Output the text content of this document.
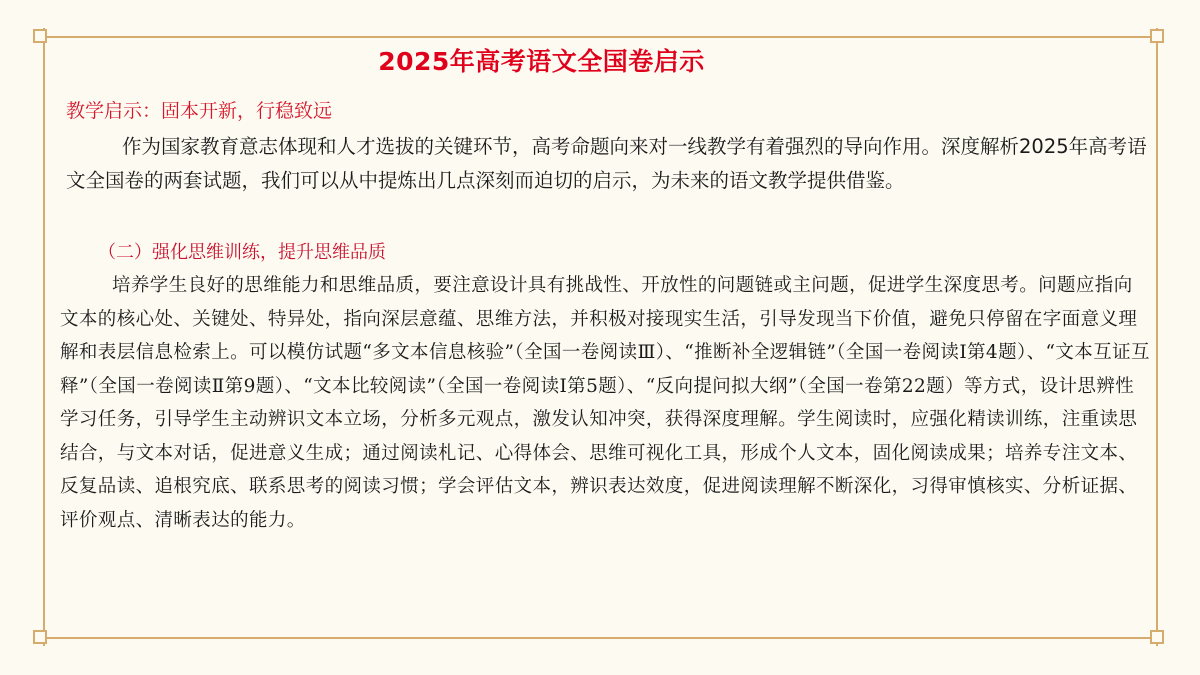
2025年高考语文全国卷启示
教学启示：固本开新，行稳致远

作为国家教育意志体现和人才选拔的关键环节，高考命题向来对一线教学有着强烈的导向作用。深度解析2025年高考语文全国卷的两套试题，我们可以从中提炼出几点深刻而迫切的启示，为未来的语文教学提供借鉴。

（二）强化思维训练，提升思维品质

培养学生良好的思维能力和思维品质，要注意设计具有挑战性、开放性的问题链或主问题，促进学生深度思考。问题应指向文本的核心处、关键处、特异处，指向深层意蕴、思维方法，并积极对接现实生活，引导发现当下价值，避免只停留在字面意义理解和表层信息检索上。可以模仿试题“多文本信息核验”（全国一卷阅读Ⅲ）、“推断补全逻辑链”（全国一卷阅读Ⅰ第4题）、“文本互证互释”（全国一卷阅读Ⅱ第9题）、“文本比较阅读”（全国一卷阅读Ⅰ第5题）、“反向提问拟大纲”（全国一卷第22题）等方式，设计思辨性学习任务，引导学生主动辨识文本立场，分析多元观点，激发认知冲突，获得深度理解。学生阅读时，应强化精读训练，注重读思结合，与文本对话，促进意义生成；通过阅读札记、心得体会、思维可视化工具，形成个人文本，固化阅读成果；培养专注文本、反复品读、追根究底、联系思考的阅读习惯；学会评估文本，辨识表达效度，促进阅读理解不断深化，习得审慎核实、分析证据、评价观点、清晰表达的能力。
